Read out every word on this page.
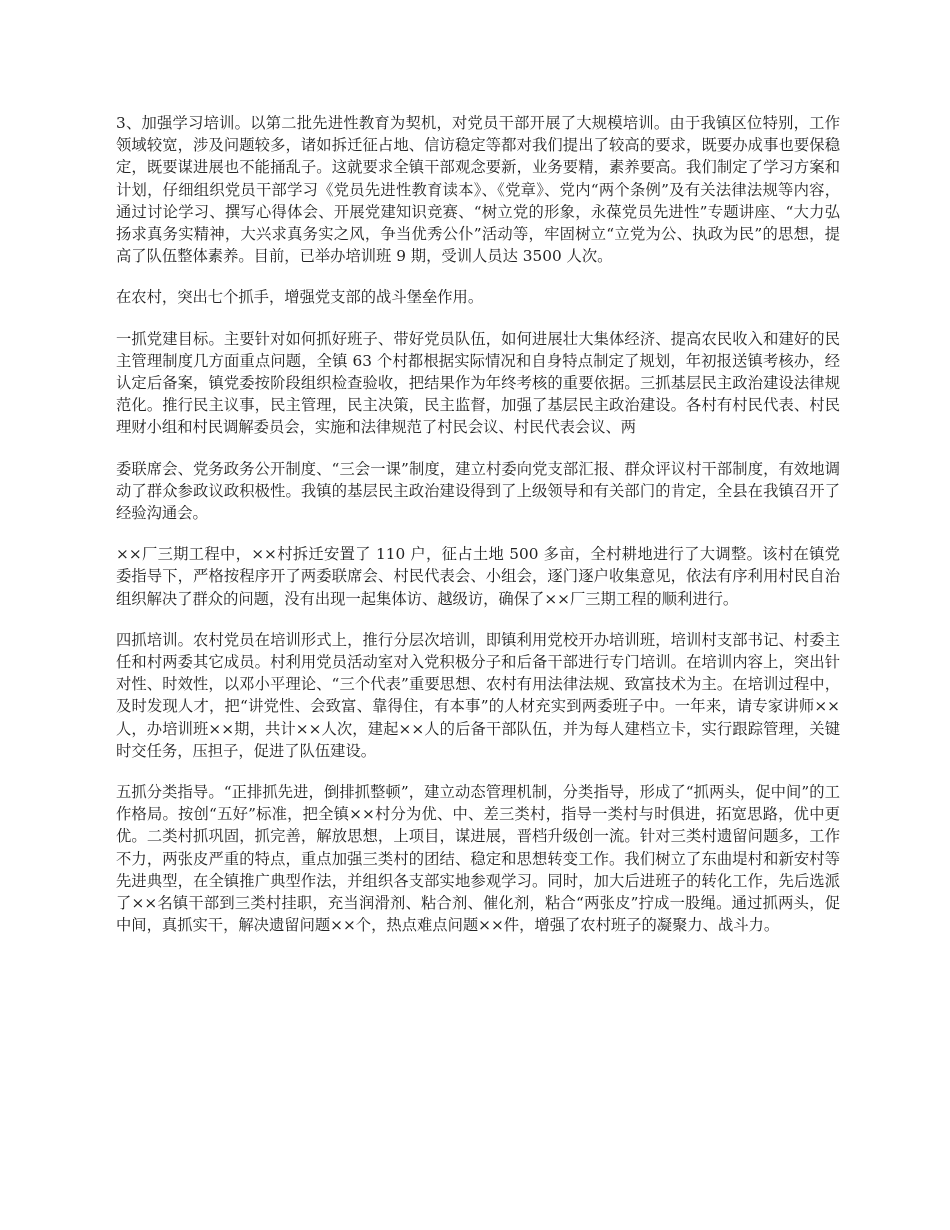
3、加强学习培训。以第二批先进性教育为契机，对党员干部开展了大规模培训。由于我镇区位特别，工作领域较宽，涉及问题较多，诸如拆迁征占地、信访稳定等都对我们提出了较高的要求，既要办成事也要保稳定，既要谋进展也不能捅乱子。这就要求全镇干部观念要新，业务要精，素养要高。我们制定了学习方案和计划，仔细组织党员干部学习《党员先进性教育读本》、《党章》、党内“两个条例”及有关法律法规等内容，通过讨论学习、撰写心得体会、开展党建知识竞赛、“树立党的形象，永葆党员先进性”专题讲座、“大力弘扬求真务实精神，大兴求真务实之风，争当优秀公仆”活动等，牢固树立“立党为公、执政为民”的思想，提高了队伍整体素养。目前，已举办培训班 9 期，受训人员达 3500 人次。

在农村，突出七个抓手，增强党支部的战斗堡垒作用。

一抓党建目标。主要针对如何抓好班子、带好党员队伍，如何进展壮大集体经济、提高农民收入和建好的民主管理制度几方面重点问题，全镇 63 个村都根据实际情况和自身特点制定了规划，年初报送镇考核办，经认定后备案，镇党委按阶段组织检查验收，把结果作为年终考核的重要依据。三抓基层民主政治建设法律规范化。推行民主议事，民主管理，民主决策，民主监督，加强了基层民主政治建设。各村有村民代表、村民理财小组和村民调解委员会，实施和法律规范了村民会议、村民代表会议、两

委联席会、党务政务公开制度、“三会一课”制度，建立村委向党支部汇报、群众评议村干部制度，有效地调动了群众参政议政积极性。我镇的基层民主政治建设得到了上级领导和有关部门的肯定，全县在我镇召开了经验沟通会。

××厂三期工程中，××村拆迁安置了 110 户，征占土地 500 多亩，全村耕地进行了大调整。该村在镇党委指导下，严格按程序开了两委联席会、村民代表会、小组会，逐门逐户收集意见，依法有序利用村民自治组织解决了群众的问题，没有出现一起集体访、越级访，确保了××厂三期工程的顺利进行。

四抓培训。农村党员在培训形式上，推行分层次培训，即镇利用党校开办培训班，培训村支部书记、村委主任和村两委其它成员。村利用党员活动室对入党积极分子和后备干部进行专门培训。在培训内容上，突出针对性、时效性，以邓小平理论、“三个代表”重要思想、农村有用法律法规、致富技术为主。在培训过程中，及时发现人才，把“讲党性、会致富、靠得住，有本事”的人材充实到两委班子中。一年来，请专家讲师××人，办培训班××期，共计××人次，建起××人的后备干部队伍，并为每人建档立卡，实行跟踪管理，关键时交任务，压担子，促进了队伍建设。

五抓分类指导。“正排抓先进，倒排抓整顿”，建立动态管理机制，分类指导，形成了“抓两头，促中间”的工作格局。按创“五好”标准，把全镇××村分为优、中、差三类村，指导一类村与时俱进，拓宽思路，优中更优。二类村抓巩固，抓完善，解放思想，上项目，谋进展，晋档升级创一流。针对三类村遗留问题多，工作不力，两张皮严重的特点，重点加强三类村的团结、稳定和思想转变工作。我们树立了东曲堤村和新安村等先进典型，在全镇推广典型作法，并组织各支部实地参观学习。同时，加大后进班子的转化工作，先后选派了××名镇干部到三类村挂职，充当润滑剂、粘合剂、催化剂，粘合“两张皮”拧成一股绳。通过抓两头，促中间，真抓实干，解决遗留问题××个，热点难点问题××件，增强了农村班子的凝聚力、战斗力。
